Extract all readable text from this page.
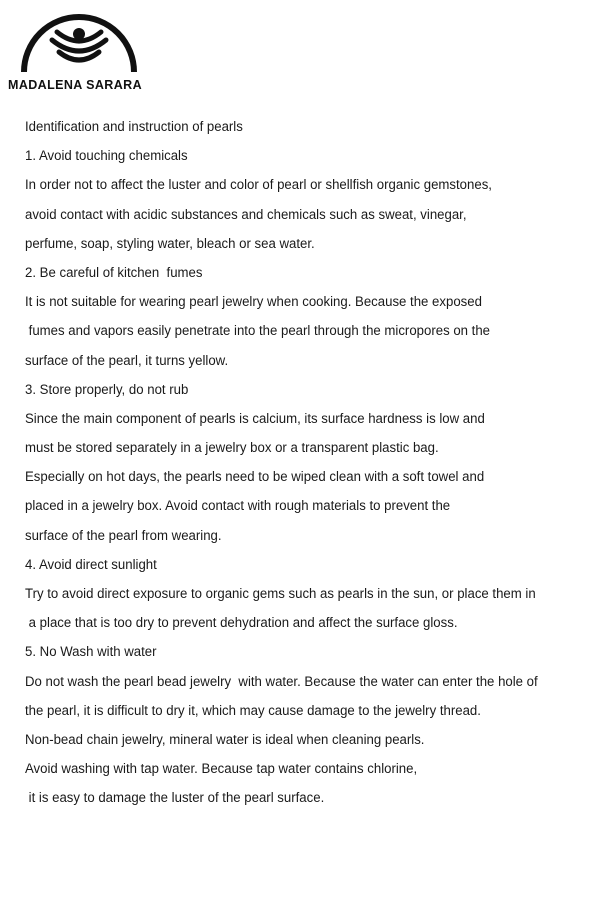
MADALENA SARARA
Identification and instruction of pearls
1. Avoid touching chemicals
In order not to affect the luster and color of pearl or shellfish organic gemstones,
avoid contact with acidic substances and chemicals such as sweat, vinegar,
perfume, soap, styling water, bleach or sea water.
2. Be careful of kitchen  fumes
It is not suitable for wearing pearl jewelry when cooking. Because the exposed
fumes and vapors easily penetrate into the pearl through the micropores on the
surface of the pearl, it turns yellow.
3. Store properly, do not rub
Since the main component of pearls is calcium, its surface hardness is low and
must be stored separately in a jewelry box or a transparent plastic bag.
Especially on hot days, the pearls need to be wiped clean with a soft towel and
placed in a jewelry box. Avoid contact with rough materials to prevent the
surface of the pearl from wearing.
4. Avoid direct sunlight
Try to avoid direct exposure to organic gems such as pearls in the sun, or place them in
a place that is too dry to prevent dehydration and affect the surface gloss.
5. No Wash with water
Do not wash the pearl bead jewelry  with water. Because the water can enter the hole of
the pearl, it is difficult to dry it, which may cause damage to the jewelry thread.
Non-bead chain jewelry, mineral water is ideal when cleaning pearls.
Avoid washing with tap water. Because tap water contains chlorine,
it is easy to damage the luster of the pearl surface.
